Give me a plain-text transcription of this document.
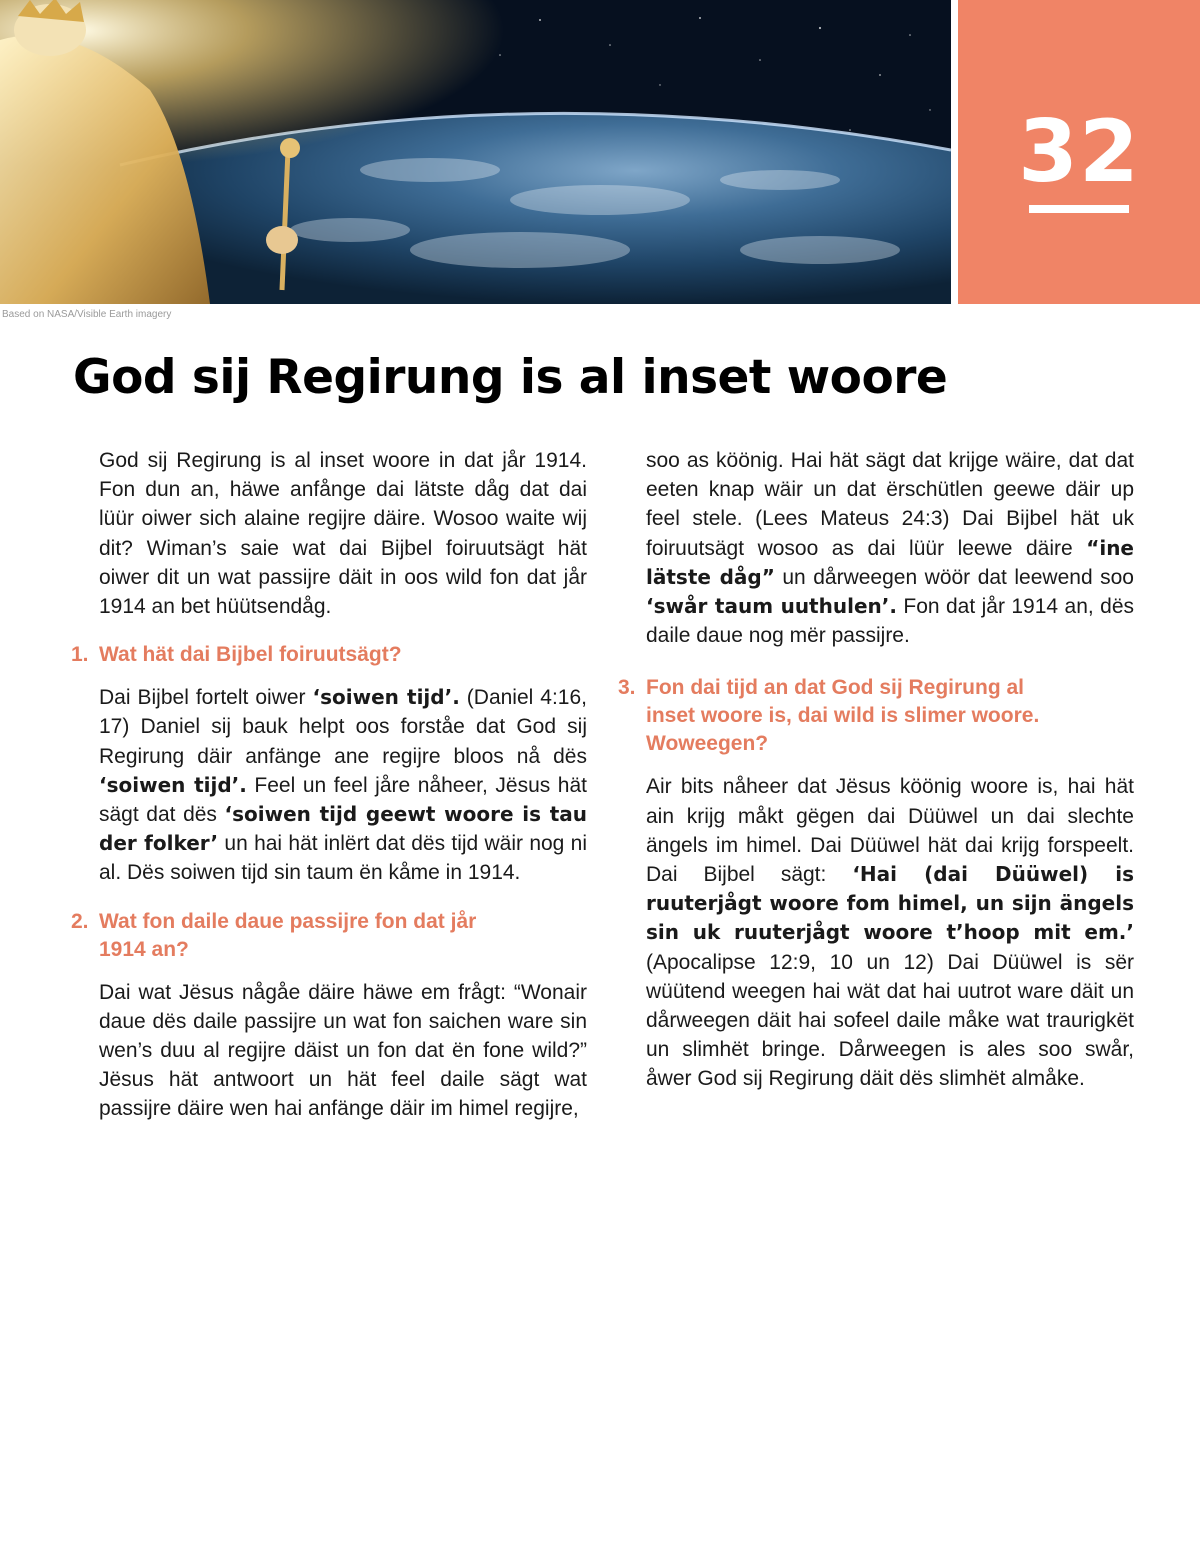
32
Based on NASA/Visible Earth imagery
God sij Regirung is al inset woore

God sij Regirung is al inset woore in dat jår 1914. Fon dun an, häwe anfånge dai lätste dåg dat dai lüür oiwer sich alaine regijre däire. Wosoo waite wij dit? Wiman’s saie wat dai Bijbel foiruutsägt hät oiwer dit un wat passijre däit in oos wild fon dat jår 1914 an bet hüütsendåg.

1. Wat hät dai Bijbel foiruutsägt?

Dai Bijbel fortelt oiwer ‘soiwen tijd’. (Daniel 4:16, 17) Daniel sij bauk helpt oos forståe dat God sij Regirung däir anfänge ane regijre bloos nå dës ‘soiwen tijd’. Feel un feel jåre nåheer, Jësus hät sägt dat dës ‘soiwen tijd geewt woore is tau der folker’ un hai hät inlërt dat dës tijd wäir nog ni al. Dës soiwen tijd sin taum ën kåme in 1914.

2. Wat fon daile daue passijre fon dat jår 1914 an?

Dai wat Jësus någåe däire häwe em frågt: “Wonair daue dës daile passijre un wat fon saichen ware sin wen’s duu al regijre däist un fon dat ën fone wild?” Jësus hät antwoort un hät feel daile sägt wat passijre däire wen hai anfänge däir im himel regijre,

soo as köönig. Hai hät sägt dat krijge wäire, dat dat eeten knap wäir un dat ërschütlen geewe däir up feel stele. (Lees Mateus 24:3) Dai Bijbel hät uk foiruutsägt wosoo as dai lüür leewe däire “ine lätste dåg” un dårweegen wöör dat leewend soo ‘swår taum uuthulen’. Fon dat jår 1914 an, dës daile daue nog mër passijre.

3. Fon dai tijd an dat God sij Regirung al inset woore is, dai wild is slimer woore. Woweegen?

Air bits nåheer dat Jësus köönig woore is, hai hät ain krijg måkt gëgen dai Düüwel un dai slechte ängels im himel. Dai Düüwel hät dai krijg forspeelt. Dai Bijbel sägt: ‘Hai (dai Düüwel) is ruuterjågt woore fom himel, un sijn ängels sin uk ruuterjågt woore t’hoop mit em.’ (Apocalipse 12:9, 10 un 12) Dai Düüwel is sër wüütend weegen hai wät dat hai uutrot ware däit un dårweegen däit hai sofeel daile måke wat traurigkët un slimhët bringe. Dårweegen is ales soo swår, åwer God sij Regirung däit dës slimhët almåke.
